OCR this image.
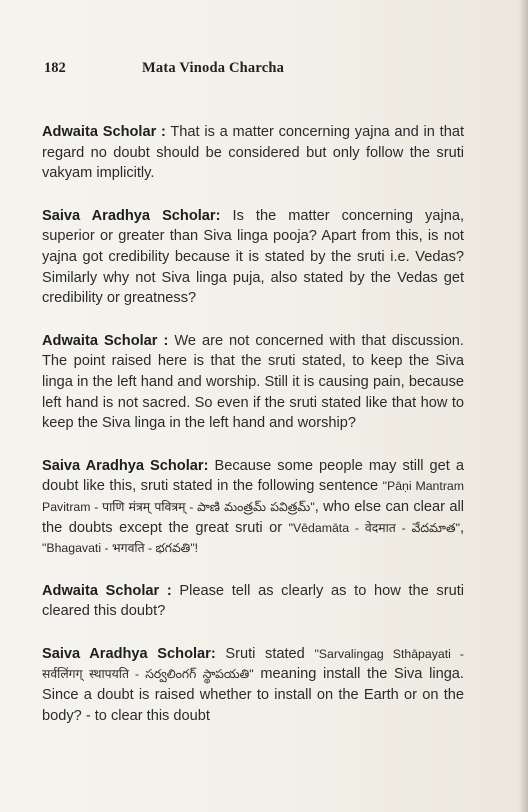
182	Mata Vinoda Charcha

Adwaita Scholar : That is a matter concerning yajna and in that regard no doubt should be considered but only follow the sruti vakyam implicitly.

Saiva Aradhya Scholar: Is the matter concerning yajna, superior or greater than Siva linga pooja? Apart from this, is not yajna got credibility because it is stated by the sruti i.e. Vedas? Similarly why not Siva linga puja, also stated by the Vedas get credibility or greatness?

Adwaita Scholar : We are not concerned with that discussion. The point raised here is that the sruti stated, to keep the Siva linga in the left hand and worship. Still it is causing pain, because left hand is not sacred. So even if the sruti stated like that how to keep the Siva linga in the left hand and worship?

Saiva Aradhya Scholar: Because some people may still get a doubt like this, sruti stated in the following sentence "Pāṇi Mantram Pavitram - पाणि मंत्रम् पवित्रम् - పాణి మంత్రమ్ పవిత్రమ్", who else can clear all the doubts except the great sruti or "Vēdamāta - वेदमात - వేదమాత", "Bhagavati - भगवति - భగవతి"!

Adwaita Scholar : Please tell as clearly as to how the sruti cleared this doubt?

Saiva Aradhya Scholar: Sruti stated "Sarvalingag Sthāpayati - सर्वलिंगग् स्थापयति - సర్వలింగగ్ స్థాపయతి" meaning install the Siva linga. Since a doubt is raised whether to install on the Earth or on the body? - to clear this doubt
